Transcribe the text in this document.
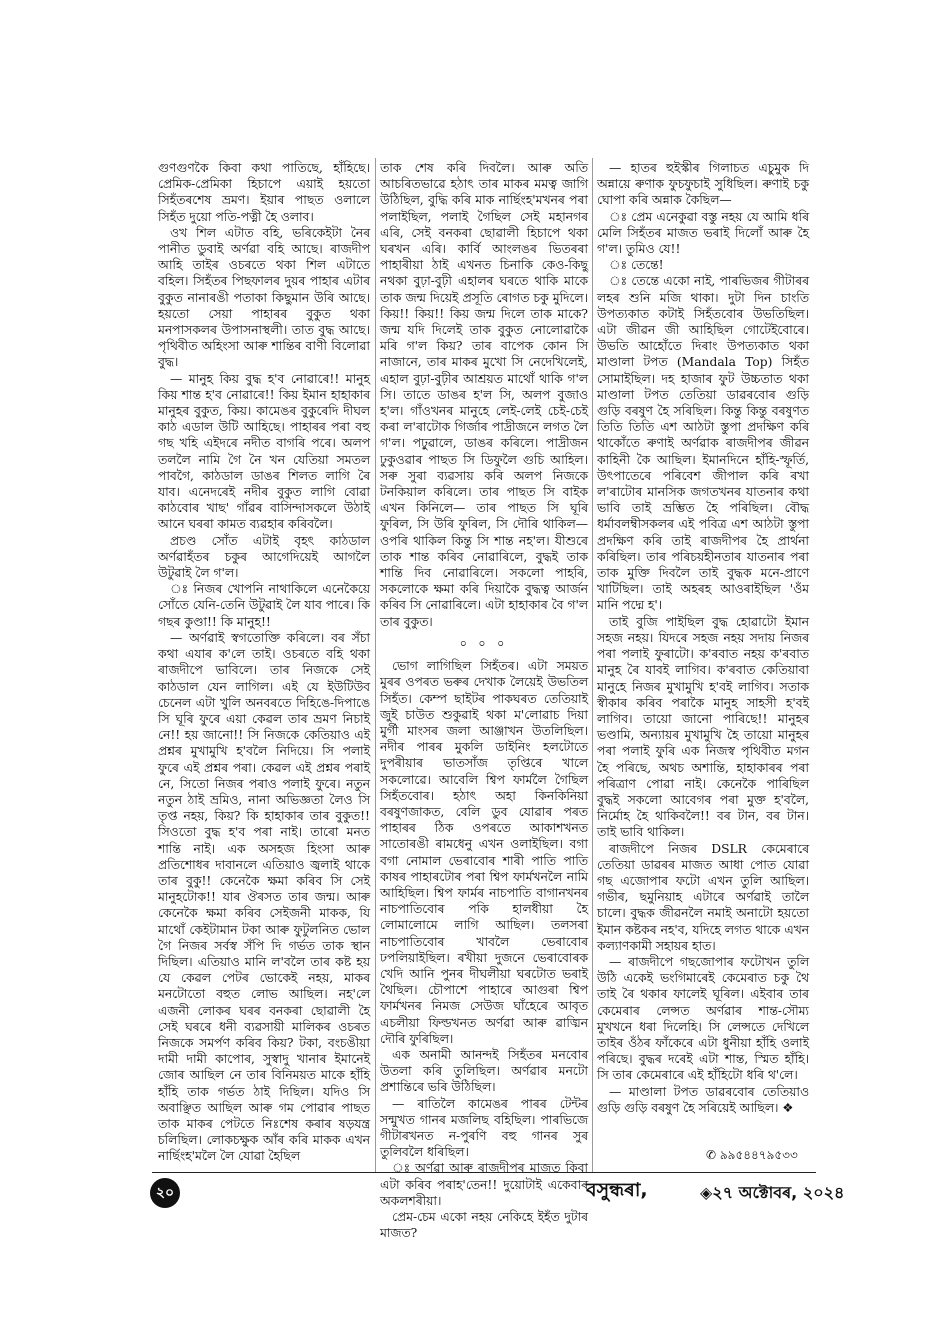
গুণগুণকৈ কিবা কথা পাতিছে, হাঁহিছে। প্ৰেমিক-প্ৰেমিকা হিচাপে এয়াই হয়তো সিহঁতৰশেষ ভ্ৰমণ। ইয়াৰ পাছত ওলালে সিহঁত দুয়ো পতি-পত্নী হৈ ওলাব।

ওখ শিল এটাত বহি, ভৰিকেইটা নৈৰ পানীত ডুবাই অৰ্ণৱা বহি আছে। ৰাজদীপ আহি তাইৰ ওচৰতে থকা শিল এটাতে বহিল। সিহঁতৰ পিছফালৰ দুয়ৰ পাহাৰ এটাৰ বুকুত নানাৰঙী পতাকা কিছুমান উৰি আছে। হয়তো সেয়া পাহাৰৰ বুকুত থকা মনপাসকলৰ উপাসনাস্থলী। তাত বুদ্ধ আছে। পৃথিবীত অহিংসা আৰু শান্তিৰ বাণী বিলোৱা বুদ্ধ।

— মানুহ কিয় বুদ্ধ হ'ব নোৱাৰে!! মানুহ কিয় শান্ত হ'ব নোৱাৰে!! কিয় ইমান হাহাকাৰ মানুহৰ বুকুত, কিয়। কামেঙৰ বুকুৰেদি দীঘল কাঠ এডাল উটি আহিছে। পাহাৰৰ পৰা বহু গছ খহি এইদৰে নদীত বাগৰি পৰে। অলপ তললৈ নামি গৈ নৈ খন যেতিয়া সমতল পাবগৈ, কাঠডাল ডাঙৰ শিলত লাগি ৰৈ যাব। এনেদৰেই নদীৰ বুকুত লাগি বোৱা কাঠবোৰ খাছ' গাঁৱৰ বাসিন্দাসকলে উঠাই আনে ঘৰৰা কামত ব্যৱহাৰ কৰিবলৈ।

প্ৰচণ্ড সোঁত এটাই বৃহৎ কাঠডাল অৰ্ণৱাহঁতৰ চকুৰ আগেদিয়েই আগলৈ উটুৱাই লৈ গ'ল।

ঃ নিজৰ খোপনি নাথাকিলে এনেকৈয়ে সোঁতে যেনি-তেনি উটুৱাই লৈ যাব পাৰে। কি গছৰ কুণ্ডা!! কি মানুহ!!

— অৰ্ণৱাই স্বগতোক্তি কৰিলে। বৰ সঁচা কথা এযাৰ ক'লে তাই। ওচৰতে বহি থকা ৰাজদীপে ভাবিলে। তাৰ নিজকে সেই কাঠডাল যেন লাগিল। এই যে ইউটিউব চেনেল এটা খুলি অনবৰতে দিহিঙে-দিপাঙে সি ঘূৰি ফুৰে এয়া কেৱল তাৰ ভ্ৰমণ নিচাই নে!! হয় জানো!! সি নিজকে কেতিয়াও এই প্ৰশ্নৰ মুখামুখি হ'বলৈ নিদিয়ে। সি পলাই ফুৰে এই প্ৰশ্নৰ পৰা। কেৱল এই প্ৰশ্নৰ পৰাই নে, সিতো নিজৰ পৰাও পলাই ফুৰে। নতুন নতুন ঠাই ভ্ৰমিও, নানা অভিজ্ঞতা লৈও সি তৃপ্ত নহয়, কিয়? কি হাহাকাৰ তাৰ বুকুত!! সিওতো বুদ্ধ হ'ব পৰা নাই। তাৰো মনত শান্তি নাই। এক অসহজ হিংসা আৰু প্ৰতিশোধৰ দাবানলে এতিয়াও জ্বলাই থাকে তাৰ বুকু!! কেনেকৈ ক্ষমা কৰিব সি সেই মানুহটোক!! যাৰ ঔৰসত তাৰ জন্ম। আৰু কেনেকৈ ক্ষমা কৰিব সেইজনী মাকক, যি মাথোঁ কেইটামান টকা আৰু ফুটুলনিত ভোল গৈ নিজৰ সৰ্বস্ব সঁপি দি গৰ্ভত তাক স্থান দিছিল। এতিয়াও মানি ল'বলৈ তাৰ কষ্ট হয় যে কেৱল পেটৰ ভোকেই নহয়, মাকৰ মনটোতো বহুত লোভ আছিল। নহ'লে এজনী লোকৰ ঘৰৰ বনকৰা ছোৱালী হৈ সেই ঘৰৰে ধনী ব্যৱসায়ী মালিকৰ ওচৰত নিজকে সমৰ্পণ কৰিব কিয়? টকা, বংচঙীয়া দামী দামী কাপোৰ, সুস্বাদু খানাৰ ইমানেই জোৰ আছিল নে তাৰ বিনিময়ত মাকে হাঁহি হাঁহি তাক গৰ্ভত ঠাই দিছিল। যদিও সি অবাঞ্ছিত আছিল আৰু গম পোৱাৰ পাছত তাক মাকৰ পেটতে নিঃশেষ কৰাৰ ষড়যন্ত্ৰ চলিছিল। লোকচক্ষুক আঁৰ কৰি মাকক এখন নাৰ্ছিংহ'মলৈ লৈ যোৱা হৈছিল

তাক শেষ কৰি দিবলৈ। আৰু অতি আচৰিতভাৱে হঠাৎ তাৰ মাকৰ মমত্ব জাগি উঠিছিল, বুদ্ধি কৰি মাক নাৰ্ছিংহ'মখনৰ পৰা পলাইছিল, পলাই গৈছিল সেই মহানগৰ এৰি, সেই বনকৰা ছোৱালী হিচাপে থকা ঘৰখন এৰি। কাৰ্বি আংলঙৰ ভিতৰৰা পাহাৰীয়া ঠাই এখনত চিনাকি কেও-কিছু নথকা বুঢ়া-বুঢ়ী এহালৰ ঘৰতে থাকি মাকে তাক জন্ম দিয়েই প্ৰসূতি ৰোগত চকু মুদিলে। কিয়!! কিয়!! কিয় জন্ম দিলে তাক মাকে? জন্ম যদি দিলেই তাক বুকুত নোলোৱাকৈ মৰি গ'ল কিয়? তাৰ বাপেক কোন সি নাজানে, তাৰ মাকৰ মুখো সি নেদেখিলেই, এহাল বুঢ়া-বুঢ়ীৰ আশ্ৰয়ত মাথোঁ থাকি গ'ল সি। তাতে ডাঙৰ হ'ল সি, অলপ বুজাও হ'ল। গাঁওখনৰ মানুহে লেই-লেই চেই-চেই কৰা ল'ৰাটোক গিৰ্জাৰ পাদ্ৰীজনে লগত লৈ গ'ল। পঢ়ুৱালে, ডাঙৰ কৰিলে। পাদ্ৰীজন ঢুকুওৱাৰ পাছত সি ডিফুলৈ গুচি আহিল। সৰু সুৰা ব্যৱসায় কৰি অলপ নিজকে টনকিয়াল কৰিলে। তাৰ পাছত সি বাইক এখন কিনিলে— তাৰ পাছত সি ঘূৰি ফুৰিল, সি উৰি ফুৰিল, সি দৌৰি থাকিল— ওপৰি থাকিল কিন্তু সি শান্ত নহ'ল। যীশুৰে তাক শান্ত কৰিব নোৱাৰিলে, বুদ্ধই তাক শান্তি দিব নোৱাৰিলে। সকলো পাহৰি, সকলোকে ক্ষমা কৰি দিয়াকৈ বুদ্ধত্ব আৰ্জন কৰিব সি নোৱাৰিলে। এটা হাহাকাৰ বৈ গ'ল তাৰ বুকুত।

০ ০ ০

ভোগ লাগিছিল সিহঁতৰ। এটা সময়ত মুৰৰ ওপৰত ভৰুৰ দেখাক লৈয়েই উভতিল সিহঁত। কেম্প ছাইটৰ পাকঘৰত তেতিয়াই জুই চাউত শুকুৱাই থকা ম'লোৱাচ দিয়া মুৰ্গী মাংসৰ জলা আঞ্জাখন উতলিছিল। নদীৰ পাৰৰ মুকলি ডাইনিং হলটোতে দুপৰীয়াৰ ভাতসাঁজ তৃপ্তিৰে খালে সকলোৱে। আবেলি শ্বিপ ফাৰ্মলৈ গৈছিল সিহঁতবোৰ। হঠাৎ অহা কিনকিনিয়া বৰষুণজাকত, বেলি ডুব যোৱাৰ পৰত পাহাৰৰ ঠিক ওপৰতে আকাশখনত সাতোৰঙী ৰামধেনু এখন ওলাইছিল। বগা বগা নোমাল ভেৰাবোৰ শাৰী পাতি পাতি কাষৰ পাহাৰটোৰ পৰা শ্বিপ ফাৰ্মখনলৈ নামি আহিছিল। শ্বিপ ফাৰ্মৰ নাচপাতি বাগানখনৰ নাচপাতিবোৰ পকি হালধীয়া হৈ লোমালোমে লাগি আছিল। তলসৰা নাচপাতিবোৰ খাবলৈ ভেৰাবোৰ ঢপলিয়াইছিল। ৰখীয়া দুজনে ভেৰাবোৰক খেদি আনি পুনৰ দীঘলীয়া ঘৰটোত ভৰাই থৈছিল। চৌপাশে পাহাৰে আগুৰা শ্বিপ ফাৰ্মখনৰ নিমজ সেউজ ঘাঁহেৰে আবৃত এচলীয়া ফিল্ডখনত অৰ্ণৱা আৰু ৱাঙ্মিন দৌৰি ফুৰিছিল।

এক অনামী আনন্দই সিহঁতৰ মনবোৰ উতলা কৰি তুলিছিল। অৰ্ণৱাৰ মনটো প্ৰশান্তিৰে ভৰি উঠিছিল।

— ৰাতিলৈ কামেঙৰ পাৰৰ টেন্টৰ সন্মুখত গানৰ মজলিছ বহিছিল। পাৰভিজে গীটাৰখনত ন-পুৰণি বহু গানৰ সুৰ তুলিবলৈ ধৰিছিল।

ঃ অৰ্ণৱা আৰু ৰাজদীপৰ মাজত কিবা এটা কৰিব পৰাহ'তেন!! দুয়োটাই একেবাৰ অকলশৰীয়া।

প্ৰেম-চেম একো নহয় নেকিহে ইহঁত দুটাৰ মাজত?

— হাতৰ হুইস্কীৰ গিলাচত এচুমুক দি অন্নায়ে ৰুণাক ফুচফুচাই সুধিছিল। ৰুণাই চকু ঘোপা কৰি অন্নাক কৈছিল—

ঃ প্ৰেম এনেকুৱা বস্তু নহয় যে আমি ধৰি মেলি সিহঁতৰ মাজত ভৰাই দিলোঁ আৰু হৈ গ'ল। তুমিও যে!!

ঃ তেন্তে!

ঃ তেন্তে একো নাই, পাৰভিজৰ গীটাৰৰ লহৰ শুনি মজি থাকা। দুটা দিন চাংতি উপত্যকাত কটাই সিহঁতবোৰ উভতিছিল। এটা জীৱন জী আহিছিল গোটেইবোৰে। উভতি আহোঁতে দিৰাং উপত্যকাত থকা মাণ্ডালা টপত (Mandala Top) সিহঁত সোমাইছিল। দহ হাজাৰ ফুট উচ্চতাত থকা মাণ্ডালা টপত তেতিয়া ডাৱৰবোৰ গুড়ি গুড়ি বৰষুণ হৈ সৰিছিল। কিন্তু কিন্তু বৰষুণত তিতি তিতি এশ আঠটা স্তুপা প্ৰদক্ষিণ কৰি থাকোঁতে ৰুণাই অৰ্ণৱাক ৰাজদীপৰ জীৱন কাহিনী কৈ আছিল। ইমানদিনে হাঁহি-স্ফূৰ্তি, উৎপাতেৰে পৰিবেশ জীপাল কৰি ৰখা ল'ৰাটোৰ মানসিক জগতখনৰ যাতনাৰ কথা ভাবি তাই ভ্ৰম্ভিত হৈ পৰিছিল। বৌদ্ধ ধৰ্মাবলম্বীসকলৰ এই পবিত্ৰ এশ আঠটা স্তুপা প্ৰদক্ষিণ কৰি তাই ৰাজদীপৰ হৈ প্ৰাৰ্থনা কৰিছিল। তাৰ পৰিচয়হীনতাৰ যাতনাৰ পৰা তাক মুক্তি দিবলৈ তাই বুদ্ধক মনে-প্ৰাণে খাটিছিল। তাই অহৰহ আওৰাইছিল 'ওঁম মানি পদ্মে হ'।

তাই বুজি পাইছিল বুদ্ধ হোৱাটো ইমান সহজ নহয়। যিদৰে সহজ নহয় সদায় নিজৰ পৰা পলাই ফুৰাটো। ক'ৰবাত নহয় ক'ৰবাত মানুহ ৰৈ যাবই লাগিব। ক'ৰবাত কেতিয়াবা মানুহে নিজৰ মুখামুখি হ'বই লাগিব। সতাক স্বীকাৰ কৰিব পৰাকৈ মানুহ সাহসী হ'বই লাগিব। তায়ো জানো পাৰিছে!! মানুহৰ ভণ্ডামি, অন্যায়ৰ মুখামুখি হৈ তায়ো মানুহৰ পৰা পলাই ফুৰি এক নিজস্ব পৃথিবীত মগন হৈ পৰিছে, অথচ অশান্তি, হাহাকাৰৰ পৰা পৰিত্ৰাণ পোৱা নাই। কেনেকৈ পাৰিছিল বুদ্ধই সকলো আবেগৰ পৰা মুক্ত হ'বলৈ, নিৰ্মোহ হৈ থাকিবলৈ!! বৰ টান, বৰ টান। তাই ভাবি থাকিল।

ৰাজদীপে নিজৰ DSLR কেমেৰাৰে তেতিয়া ডাৱৰৰ মাজত আধা পোত যোৱা গছ এজোপাৰ ফটো এখন তুলি আছিল। গভীৰ, ছমুনিয়াহ এটাৰে অৰ্ণৱাই তালৈ চালে। বুদ্ধক জীৱনলৈ নমাই অনাটো হয়তো ইমান কষ্টকৰ নহ'ব, যদিহে লগত থাকে এখন কল্যাণকামী সহায়ৰ হাত।

— ৰাজদীপে গছজোপাৰ ফটোখন তুলি উঠি একেই ভংগিমাৰেই কেমেৰাত চকু থৈ তাই ৰৈ থকাৰ ফালেই ঘূৰিল। এইবাৰ তাৰ কেমেৰাৰ লেন্সত অৰ্ণৱাৰ শান্ত-সৌম্য মুখখনে ধৰা দিলেহি। সি লেন্সতে দেখিলে তাইৰ ওঁঠৰ ফাঁকেৰে এটা ধুনীয়া হাঁহি ওলাই পৰিছে। বুদ্ধৰ দৰেই এটা শান্ত, স্মিত হাঁহি। সি তাৰ কেমেৰাৰে এই হাঁহিটো ধৰি থ'লে।

— মাণ্ডালা টপত ডাৱৰবোৰ তেতিয়াও গুড়ি গুড়ি বৰষুণ হৈ সৰিয়েই আছিল। ❖

✆ ৯৯৫৪৪৭৯৫৩৩
২০	বসুন্ধৰা,	◈২৭ অক্টোবৰ, ২০২৪
